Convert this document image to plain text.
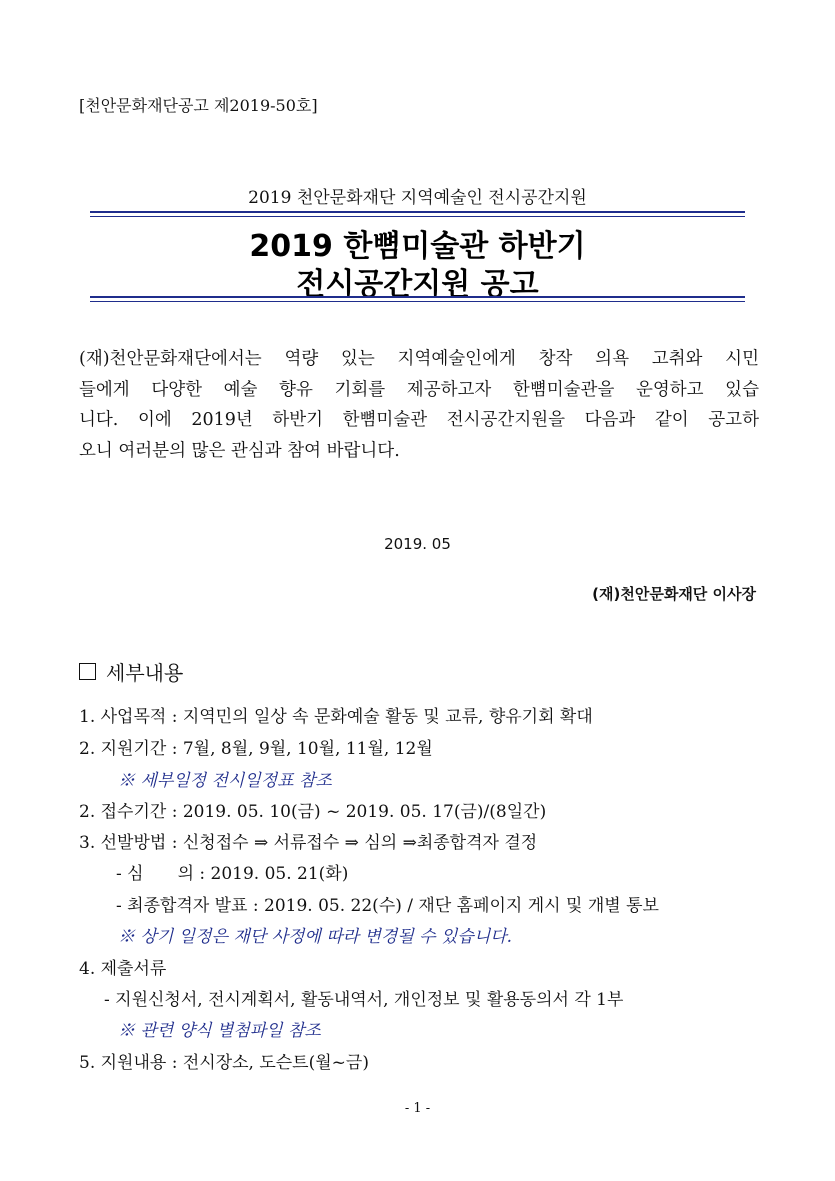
[천안문화재단공고 제2019-50호]
2019 천안문화재단 지역예술인 전시공간지원
2019 한뼘미술관 하반기
전시공간지원 공고
(재)천안문화재단에서는 역량 있는 지역예술인에게 창작 의욕 고취와 시민
들에게 다양한 예술 향유 기회를 제공하고자 한뼘미술관을 운영하고 있습
니다. 이에 2019년 하반기 한뼘미술관 전시공간지원을 다음과 같이 공고하
오니 여러분의 많은 관심과 참여 바랍니다.
2019. 05
(재)천안문화재단 이사장
세부내용
1. 사업목적 : 지역민의 일상 속 문화예술 활동 및 교류, 향유기회 확대
2. 지원기간 : 7월, 8월, 9월, 10월, 11월, 12월
※ 세부일정 전시일정표 참조
2. 접수기간 : 2019. 05. 10(금) ~ 2019. 05. 17(금)/(8일간)
3. 선발방법 : 신청접수 ⇒ 서류접수 ⇒ 심의 ⇒최종합격자 결정
- 심　　의 : 2019. 05. 21(화)
- 최종합격자 발표 : 2019. 05. 22(수) / 재단 홈페이지 게시 및 개별 통보
※ 상기 일정은 재단 사정에 따라 변경될 수 있습니다.
4. 제출서류
- 지원신청서, 전시계획서, 활동내역서, 개인정보 및 활용동의서 각 1부
※ 관련 양식 별첨파일 참조
5. 지원내용 : 전시장소, 도슨트(월~금)
- 1 -
